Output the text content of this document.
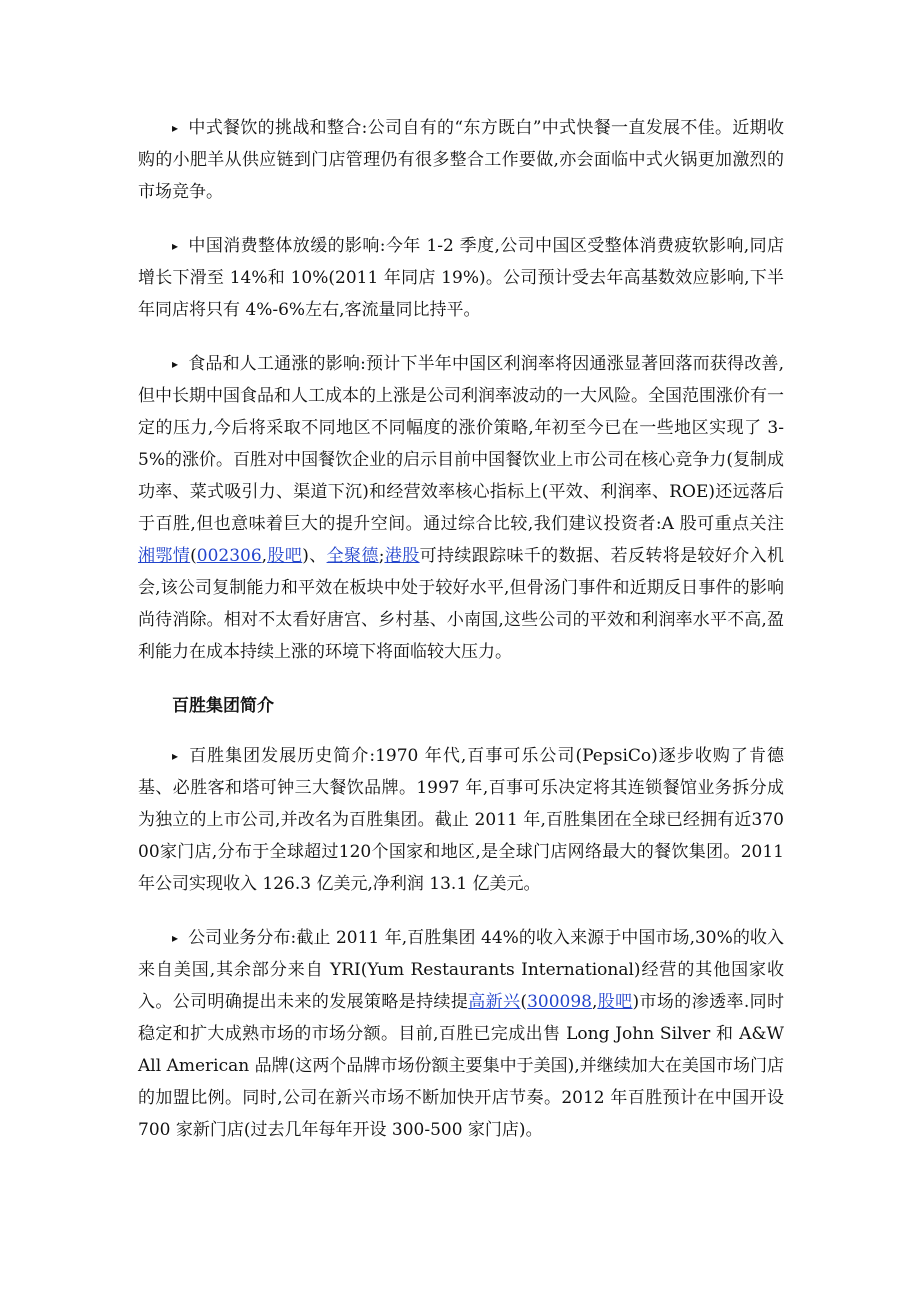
▸ 中式餐饮的挑战和整合:公司自有的“东方既白”中式快餐一直发展不佳。近期收购的小肥羊从供应链到门店管理仍有很多整合工作要做,亦会面临中式火锅更加激烈的市场竞争。

▸ 中国消费整体放缓的影响:今年 1-2 季度,公司中国区受整体消费疲软影响,同店增长下滑至 14%和 10%(2011 年同店 19%)。公司预计受去年高基数效应影响,下半年同店将只有 4%-6%左右,客流量同比持平。

▸ 食品和人工通涨的影响:预计下半年中国区利润率将因通涨显著回落而获得改善,但中长期中国食品和人工成本的上涨是公司利润率波动的一大风险。全国范围涨价有一定的压力,今后将采取不同地区不同幅度的涨价策略,年初至今已在一些地区实现了 3-5%的涨价。百胜对中国餐饮企业的启示目前中国餐饮业上市公司在核心竞争力(复制成功率、菜式吸引力、渠道下沉)和经营效率核心指标上(平效、利润率、ROE)还远落后于百胜,但也意味着巨大的提升空间。通过综合比较,我们建议投资者:A 股可重点关注湘鄂情(002306,股吧)、全聚德;港股可持续跟踪味千的数据、若反转将是较好介入机会,该公司复制能力和平效在板块中处于较好水平,但骨汤门事件和近期反日事件的影响尚待消除。相对不太看好唐宫、乡村基、小南国,这些公司的平效和利润率水平不高,盈利能力在成本持续上涨的环境下将面临较大压力。

百胜集团简介

▸ 百胜集团发展历史简介:1970 年代,百事可乐公司(PepsiCo)逐步收购了肯德基、必胜客和塔可钟三大餐饮品牌。1997 年,百事可乐决定将其连锁餐馆业务拆分成为独立的上市公司,并改名为百胜集团。截止 2011 年,百胜集团在全球已经拥有近37000家门店,分布于全球超过120个国家和地区,是全球门店网络最大的餐饮集团。2011 年公司实现收入 126.3 亿美元,净利润 13.1 亿美元。

▸ 公司业务分布:截止 2011 年,百胜集团 44%的收入来源于中国市场,30%的收入来自美国,其余部分来自 YRI(Yum Restaurants International)经营的其他国家收入。公司明确提出未来的发展策略是持续提高新兴(300098,股吧)市场的渗透率.同时稳定和扩大成熟市场的市场分额。目前,百胜已完成出售 Long John Silver 和 A&W All American 品牌(这两个品牌市场份额主要集中于美国),并继续加大在美国市场门店的加盟比例。同时,公司在新兴市场不断加快开店节奏。2012 年百胜预计在中国开设 700 家新门店(过去几年每年开设 300-500 家门店)。
